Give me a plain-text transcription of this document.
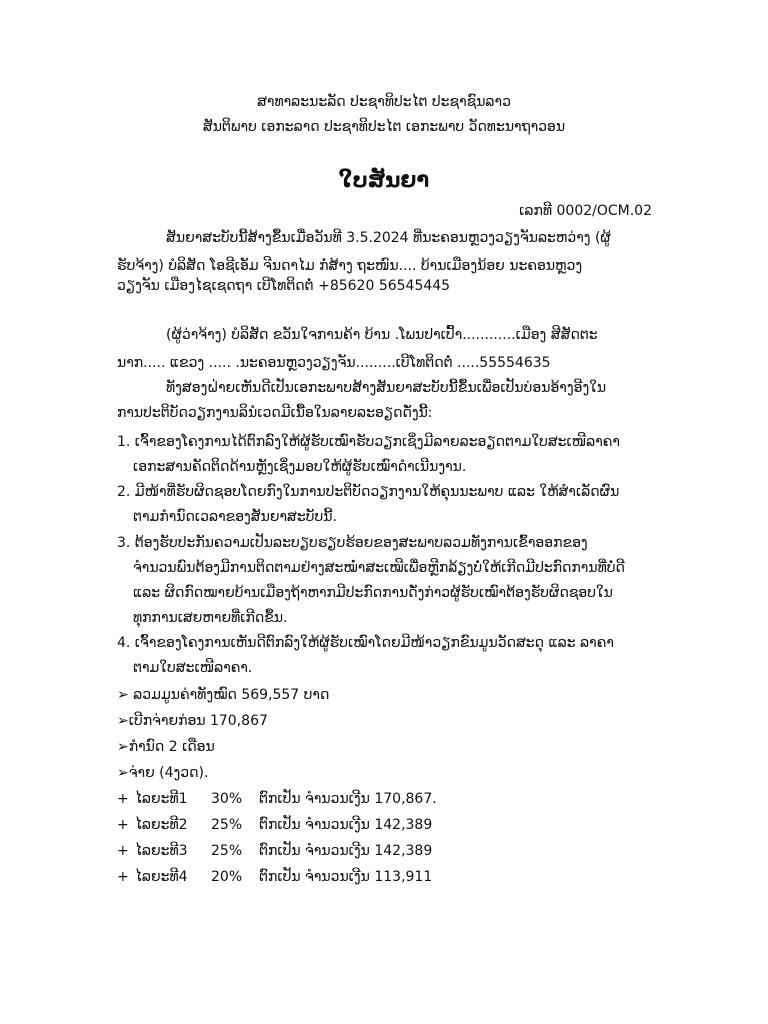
ສາທາລະນະລັດ ປະຊາທິປະໄຕ ປະຊາຊົນລາວ
ສັນຕິພາບ ເອກະລາດ ປະຊາທິປະໄຕ ເອກະພາບ ວັດທະນາຖາວອນ
ໃບສັນຍາ
ເລກທີ 0002/OCM.02
ສັນຍາສະບັບນີ້ສ້າງຂຶ້ນເມື່ອວັນທີ 3.5.2024 ທີ່ນະຄອນຫຼວງວຽງຈັນລະຫວ່າງ (ຜູ້
ຮັບຈ້າງ) ບໍລິສັດ ໂອຊີເອັມ ຈີນດາໄມ ກໍ່ສ້າງ ຖະໜົນ.... ບ້ານເມືອງນ້ອຍ ນະຄອນຫຼວງ
ວຽງຈັນ ເມືອງໄຊເຊດຖາ ເບີໂທຕິດຕໍ່ +85620 56545445
(ຜູ້ວ່າຈ້າງ) ບໍລິສັດ ຂວັນໃຈການຄ້າ ບ້ານ .ໂພນປາເປົ້າ............ເມືອງ ສີສັດຕະ
ນາກ..... ແຂວງ ..... .ນະຄອນຫຼວງວຽງຈັນ.........ເບີໂທຕິດຕໍ່ .....55554635
ທັງສອງຝ່າຍເຫັນດີເປັນເອກະພາບສ້າງສັນຍາສະບັບນີ້ຂຶ້ນເພື່ອເປັນບ່ອນອ້າງອີງໃນ
ການປະຕິບັດວຽກງານລິນໍເວດມີເນື້ອໃນລາຍລະອຽດດັ່ງນີ້:
1. ເຈົ້າຂອງໂຄງການໄດ້ຕົກລົງໃຫ້ຜູ້ຮັບເໝົາຮັບວຽກເຊິ່ງມີລາຍລະອຽດຕາມໃບສະເໜີລາຄາ
ເອກະສານຄັດຕິດດ້ານຫຼັງເຊິ່ງມອບໃຫ້ຜູ້ຮັບເໝົາດຳເນີນງານ.
2. ມີໜ້າທີ່ຮັບຜິດຊອບໂດຍກົງໃນການປະຕິບັດວຽກງານໃຫ້ຄຸນນະພາບ ແລະ ໃຫ້ສຳເລັດຜົນ
ຕາມກຳນົດເວລາຂອງສັນຍາສະບັບນີ້.
3. ຕ້ອງຮັບປະກັນຄວາມເປັນລະບຽບຮຽບຮ້ອຍຂອງສະພາບລວມທັງການເຂົ້າອອກຂອງ
ຈຳນວນພົນຕ້ອງມີການຕິດຕາມຢ່າງສະໝໍ່າສະເໝີເພື່ອຫຼີກລ້ຽງບໍ່ໃຫ້ເກີດມີປະກົດການທີ່ບໍ່ດີ
ແລະ ຜິດກົດໝາຍບ້ານເມືອງຖ້າຫາກມີປະກົດການດັ່ງກ່າວຜູ້ຮັບເໝົາຕ້ອງຮັບຜິດຊອບໃນ
ທຸກການເສຍຫາຍທີ່ເກີດຂຶ້ນ.
4. ເຈົ້າຂອງໂຄງການເຫັນດີຕົກລົງໃຫ້ຜູ້ຮັບເໝົາໂດຍມີໜ້າວຽກຂົນມູນວັດສະດຸ ແລະ ລາຄາ
ຕາມໃບສະເໜີລາຄາ.
➢ ລວມມູນຄ່າທັງໝົດ 569,557 ບາດ
➢ເບີກຈ່າຍກ່ອນ 170,867
➢ກຳນົດ 2 ເດືອນ
➢ຈ່າຍ (4ງວດ).
+ ໄລຍະທີ1 30% ຕົກເປັນ ຈຳນວນເງີນ 170,867.
+ ໄລຍະທີ2 25% ຕົກເປັນ ຈຳນວນເງີນ 142,389
+ ໄລຍະທີ3 25% ຕົກເປັນ ຈຳນວນເງີນ 142,389
+ ໄລຍະທີ4 20% ຕົກເປັນ ຈຳນວນເງີນ 113,911
